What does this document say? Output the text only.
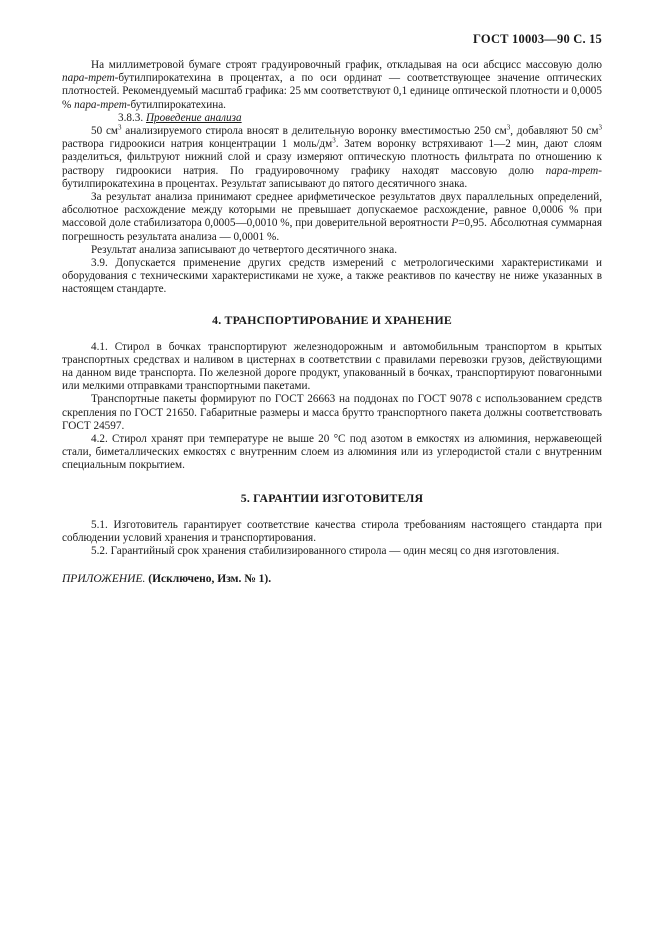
ГОСТ 10003—90 С. 15

На миллиметровой бумаге строят градуировочный график, откладывая на оси абсцисс массовую долю пара-трет-бутилпирокатехина в процентах, а по оси ординат — соответствующее значение оптических плотностей. Рекомендуемый масштаб графика: 25 мм соответствуют 0,1 единице оптической плотности и 0,0005 % пара-трет-бутилпирокатехина.

3.8.3. Проведение анализа

50 $см^3$ анализируемого стирола вносят в делительную воронку вместимостью 250 $см^3$, добавляют 50 $см^3$ раствора гидроокиси натрия концентрации 1 моль/$дм^3$. Затем воронку встряхивают 1—2 мин, дают слоям разделиться, фильтруют нижний слой и сразу измеряют оптическую плотность фильтрата по отношению к раствору гидроокиси натрия. По градуировочному графику находят массовую долю пара-трет-бутилпирокатехина в процентах. Результат записывают до пятого десятичного знака.

За результат анализа принимают среднее арифметическое результатов двух параллельных определений, абсолютное расхождение между которыми не превышает допускаемое расхождение, равное 0,0006 % при массовой доле стабилизатора 0,0005—0,0010 %, при доверительной вероятности Р=0,95. Абсолютная суммарная погрешность результата анализа — 0,0001 %.

Результат анализа записывают до четвертого десятичного знака.

3.9. Допускается применение других средств измерений с метрологическими характеристиками и оборудования с техническими характеристиками не хуже, а также реактивов по качеству не ниже указанных в настоящем стандарте.

4. ТРАНСПОРТИРОВАНИЕ И ХРАНЕНИЕ

4.1. Стирол в бочках транспортируют железнодорожным и автомобильным транспортом в крытых транспортных средствах и наливом в цистернах в соответствии с правилами перевозки грузов, действующими на данном виде транспорта. По железной дороге продукт, упакованный в бочках, транспортируют повагонными или мелкими отправками транспортными пакетами.

Транспортные пакеты формируют по ГОСТ 26663 на поддонах по ГОСТ 9078 с использованием средств скрепления по ГОСТ 21650. Габаритные размеры и масса брутто транспортного пакета должны соответствовать ГОСТ 24597.

4.2. Стирол хранят при температуре не выше 20 °С под азотом в емкостях из алюминия, нержавеющей стали, биметаллических емкостях с внутренним слоем из алюминия или из углеродистой стали с внутренним специальным покрытием.

5. ГАРАНТИИ ИЗГОТОВИТЕЛЯ

5.1. Изготовитель гарантирует соответствие качества стирола требованиям настоящего стандарта при соблюдении условий хранения и транспортирования.

5.2. Гарантийный срок хранения стабилизированного стирола — один месяц со дня изготовления.

ПРИЛОЖЕНИЕ. (Исключено, Изм. № 1).
